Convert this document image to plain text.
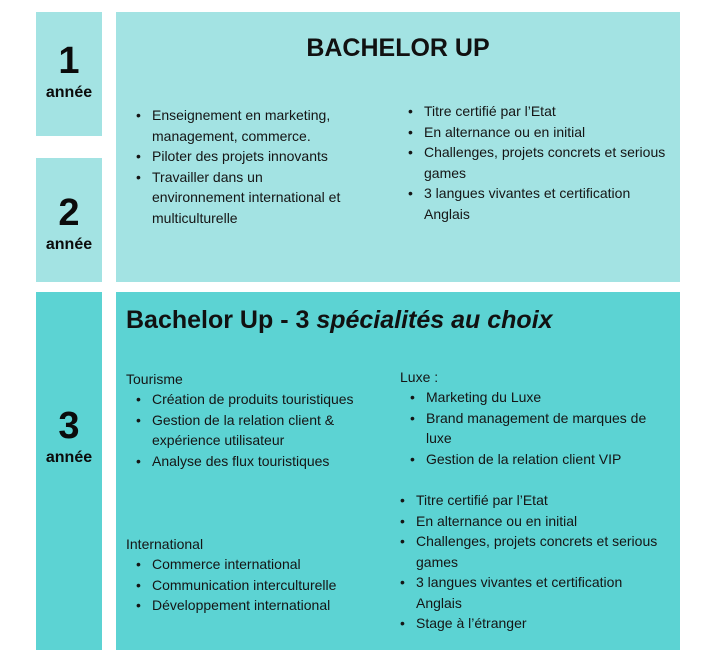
1
année
2
année
3
année
BACHELOR UP
• Enseignement en marketing, management, commerce.
• Piloter des projets innovants
• Travailler dans un environnement international et multiculturelle
• Titre certifié par l’Etat
• En alternance ou en initial
• Challenges, projets concrets et serious games
• 3 langues vivantes et certification Anglais
Bachelor Up - 3 spécialités au choix

Tourisme

• Création de produits touristiques
• Gestion de la relation client & expérience utilisateur
• Analyse des flux touristiques

International

• Commerce international
• Communication interculturelle
• Développement international

Luxe :

• Marketing du Luxe
• Brand management de marques de luxe
• Gestion de la relation client VIP
• Titre certifié par l’Etat
• En alternance ou en initial
• Challenges, projets concrets et serious games
• 3 langues vivantes et certification Anglais
• Stage à l’étranger
